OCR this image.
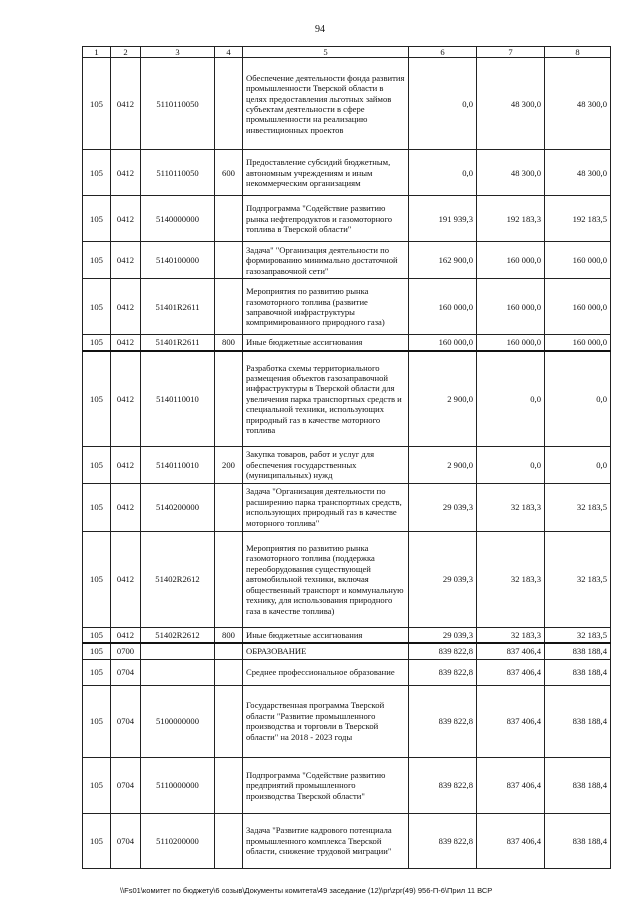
94
1	2	3	4	5	6	7	8
105	0412	5110110050		Обеспечение деятельности фонда развития промышленности Тверской области в целях предоставления льготных займов субъектам деятельности в сфере промышленности на реализацию инвестиционных проектов	0,0	48 300,0	48 300,0
105	0412	5110110050	600	Предоставление субсидий бюджетным, автономным учреждениям и иным некоммерческим организациям	0,0	48 300,0	48 300,0
105	0412	5140000000		Подпрограмма "Содействие развитию рынка нефтепродуктов и газомоторного топлива в Тверской области"	191 939,3	192 183,3	192 183,5
105	0412	5140100000		Задача" "Организация деятельности по формированию минимально достаточной газозаправочной сети"	162 900,0	160 000,0	160 000,0
105	0412	51401R2611		Мероприятия по развитию рынка газомоторного топлива (развитие заправочной инфраструктуры компримированного природного газа)	160 000,0	160 000,0	160 000,0
105	0412	51401R2611	800	Иные бюджетные ассигнования	160 000,0	160 000,0	160 000,0
105	0412	5140110010		Разработка схемы территориального размещения объектов газозаправочной инфраструктуры в Тверской области для увеличения парка транспортных средств и специальной техники, использующих природный газ в качестве моторного топлива	2 900,0	0,0	0,0
105	0412	5140110010	200	Закупка товаров, работ и услуг для обеспечения государственных (муниципальных) нужд	2 900,0	0,0	0,0
105	0412	5140200000		Задача "Организация деятельности по расширению парка транспортных средств, использующих природный газ в качестве моторного топлива"	29 039,3	32 183,3	32 183,5
105	0412	51402R2612		Мероприятия по развитию рынка газомоторного топлива (поддержка переоборудования существующей автомобильной техники, включая общественный транспорт и коммунальную технику, для использования природного газа в качестве топлива)	29 039,3	32 183,3	32 183,5
105	0412	51402R2612	800	Иные бюджетные ассигнования	29 039,3	32 183,3	32 183,5
105	0700			ОБРАЗОВАНИЕ	839 822,8	837 406,4	838 188,4
105	0704			Среднее профессиональное образование	839 822,8	837 406,4	838 188,4
105	0704	5100000000		Государственная программа Тверской области "Развитие промышленного производства и торговли в Тверской области" на 2018 - 2023 годы	839 822,8	837 406,4	838 188,4
105	0704	5110000000		Подпрограмма "Содействие развитию предприятий промышленного производства Тверской области"	839 822,8	837 406,4	838 188,4
105	0704	5110200000		Задача "Развитие кадрового потенциала промышленного комплекса Тверской области, снижение трудовой миграции"	839 822,8	837 406,4	838 188,4
\\Fs01\комитет по бюджету\6 созыв\Документы комитета\49 заседание (12)\pr\zpr(49) 956-П-6\Прил 11 ВСР
